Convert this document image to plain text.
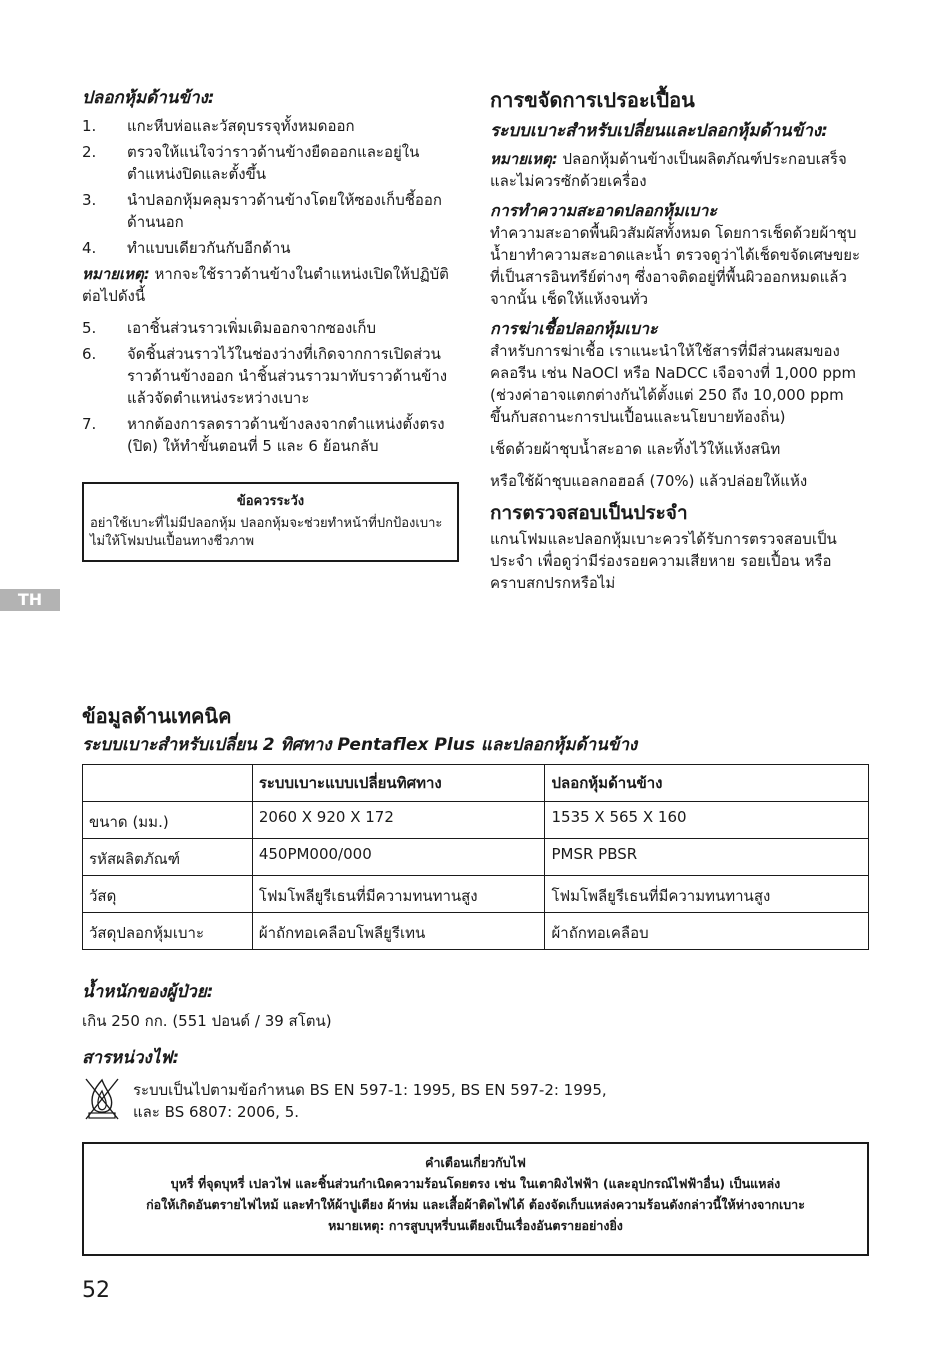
ปลอกหุ้มด้านข้าง:
1. แกะหีบห่อและวัสดุบรรจุทั้งหมดออก
2. ตรวจให้แน่ใจว่าราวด้านข้างยืดออกและอยู่ในตำแหน่งปิดและตั้งขึ้น
3. นำปลอกหุ้มคลุมราวด้านข้างโดยให้ซองเก็บชี้ออกด้านนอก
4. ทำแบบเดียวกันกับอีกด้าน
หมายเหตุ: หากจะใช้ราวด้านข้างในตำแหน่งเปิดให้ปฏิบัติต่อไปดังนี้
5. เอาชิ้นส่วนราวเพิ่มเติมออกจากซองเก็บ
6. จัดชิ้นส่วนราวไว้ในช่องว่างที่เกิดจากการเปิดส่วนราวด้านข้างออก นำชิ้นส่วนราวมาทับราวด้านข้างแล้วจัดตำแหน่งระหว่างเบาะ
7. หากต้องการลดราวด้านข้างลงจากตำแหน่งตั้งตรง (ปิด) ให้ทำขั้นตอนที่ 5 และ 6 ย้อนกลับ
ข้อควรระวัง
อย่าใช้เบาะที่ไม่มีปลอกหุ้ม ปลอกหุ้มจะช่วยทำหน้าที่ปกป้องเบาะไม่ให้โฟมปนเปื้อนทางชีวภาพ
TH
การขจัดการเปรอะเปื้อน
ระบบเบาะสำหรับเปลี่ยนและปลอกหุ้มด้านข้าง:
หมายเหตุ: ปลอกหุ้มด้านข้างเป็นผลิตภัณฑ์ประกอบเสร็จและไม่ควรซักด้วยเครื่อง
การทำความสะอาดปลอกหุ้มเบาะ
ทำความสะอาดพื้นผิวสัมผัสทั้งหมด โดยการเช็ดด้วยผ้าชุบน้ำยาทำความสะอาดและน้ำ ตรวจดูว่าได้เช็ดขจัดเศษขยะที่เป็นสารอินทรีย์ต่างๆ ซึ่งอาจติดอยู่ที่พื้นผิวออกหมดแล้ว จากนั้น เช็ดให้แห้งจนทั่ว
การฆ่าเชื้อปลอกหุ้มเบาะ
สำหรับการฆ่าเชื้อ เราแนะนำให้ใช้สารที่มีส่วนผสมของคลอรีน เช่น NaOCl หรือ NaDCC เจือจางที่ 1,000 ppm (ช่วงค่าอาจแตกต่างกันได้ตั้งแต่ 250 ถึง 10,000 ppm ขึ้นกับสถานะการปนเปื้อนและนโยบายท้องถิ่น)
เช็ดด้วยผ้าชุบน้ำสะอาด และทิ้งไว้ให้แห้งสนิท
หรือใช้ผ้าชุบแอลกอฮอล์ (70%) แล้วปล่อยให้แห้ง
การตรวจสอบเป็นประจำ
แกนโฟมและปลอกหุ้มเบาะควรได้รับการตรวจสอบเป็นประจำ เพื่อดูว่ามีร่องรอยความเสียหาย รอยเปื้อน หรือคราบสกปรกหรือไม่
ข้อมูลด้านเทคนิค
ระบบเบาะสำหรับเปลี่ยน 2 ทิศทาง Pentaflex Plus และปลอกหุ้มด้านข้าง
	ระบบเบาะแบบเปลี่ยนทิศทาง	ปลอกหุ้มด้านข้าง
ขนาด (มม.)	2060 X 920 X 172	1535 X 565 X 160
รหัสผลิตภัณฑ์	450PM000/000	PMSR PBSR
วัสดุ	โฟมโพลียูรีเธนที่มีความทนทานสูง	โฟมโพลียูรีเธนที่มีความทนทานสูง
วัสดุปลอกหุ้มเบาะ	ผ้าถักทอเคลือบโพลียูรีเทน	ผ้าถักทอเคลือบ
น้ำหนักของผู้ป่วย:
เกิน 250 กก. (551 ปอนด์ / 39 สโตน)
สารหน่วงไฟ:
ระบบเป็นไปตามข้อกำหนด BS EN 597-1: 1995, BS EN 597-2: 1995,
และ BS 6807: 2006, 5.
คำเตือนเกี่ยวกับไฟ
บุหรี่ ที่จุดบุหรี่ เปลวไฟ และชิ้นส่วนกำเนิดความร้อนโดยตรง เช่น ในเตาผิงไฟฟ้า (และอุปกรณ์ไฟฟ้าอื่น) เป็นแหล่ง
ก่อให้เกิดอันตรายไฟไหม้ และทำให้ผ้าปูเตียง ผ้าห่ม และเสื้อผ้าติดไฟได้ ต้องจัดเก็บแหล่งความร้อนดังกล่าวนี้ให้ห่างจากเบาะ
หมายเหตุ: การสูบบุหรี่บนเตียงเป็นเรื่องอันตรายอย่างยิ่ง
52
